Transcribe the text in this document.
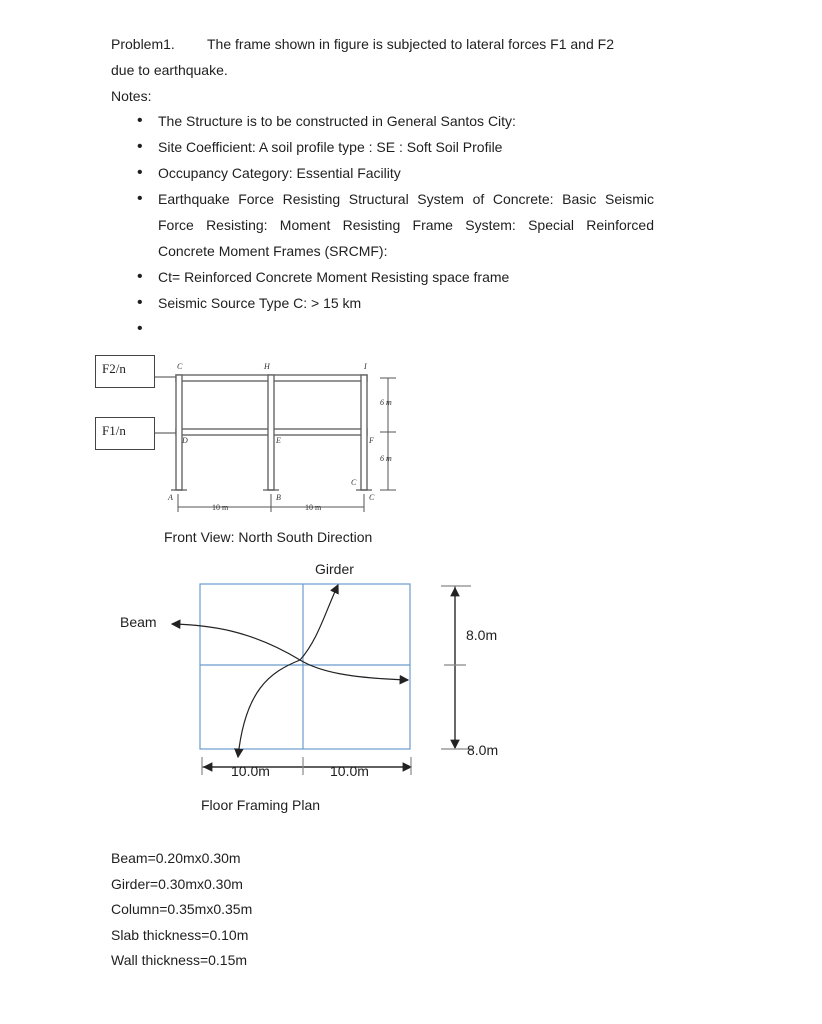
Problem1. The frame shown in figure is subjected to lateral forces F1 and F2
due to earthquake.
Notes:
• The Structure is to be constructed in General Santos City:
• Site Coefficient: A soil profile type : SE : Soft Soil Profile
• Occupancy Category: Essential Facility
• Earthquake Force Resisting Structural System of Concrete: Basic Seismic
Force Resisting: Moment Resisting Frame System: Special Reinforced
Concrete Moment Frames (SRCMF):
• Ct= Reinforced Concrete Moment Resisting space frame
• Seismic Source Type C: > 15 km
F2/n
F1/n
C	H	I
D	E	F
C
A	B	C
6 m
6 m
10 m	10 m
Front View: North South Direction
Girder
Beam
8.0m
8.0m
10.0m	10.0m
Floor Framing Plan
Beam=0.20mx0.30m
Girder=0.30mx0.30m
Column=0.35mx0.35m
Slab thickness=0.10m
Wall thickness=0.15m
